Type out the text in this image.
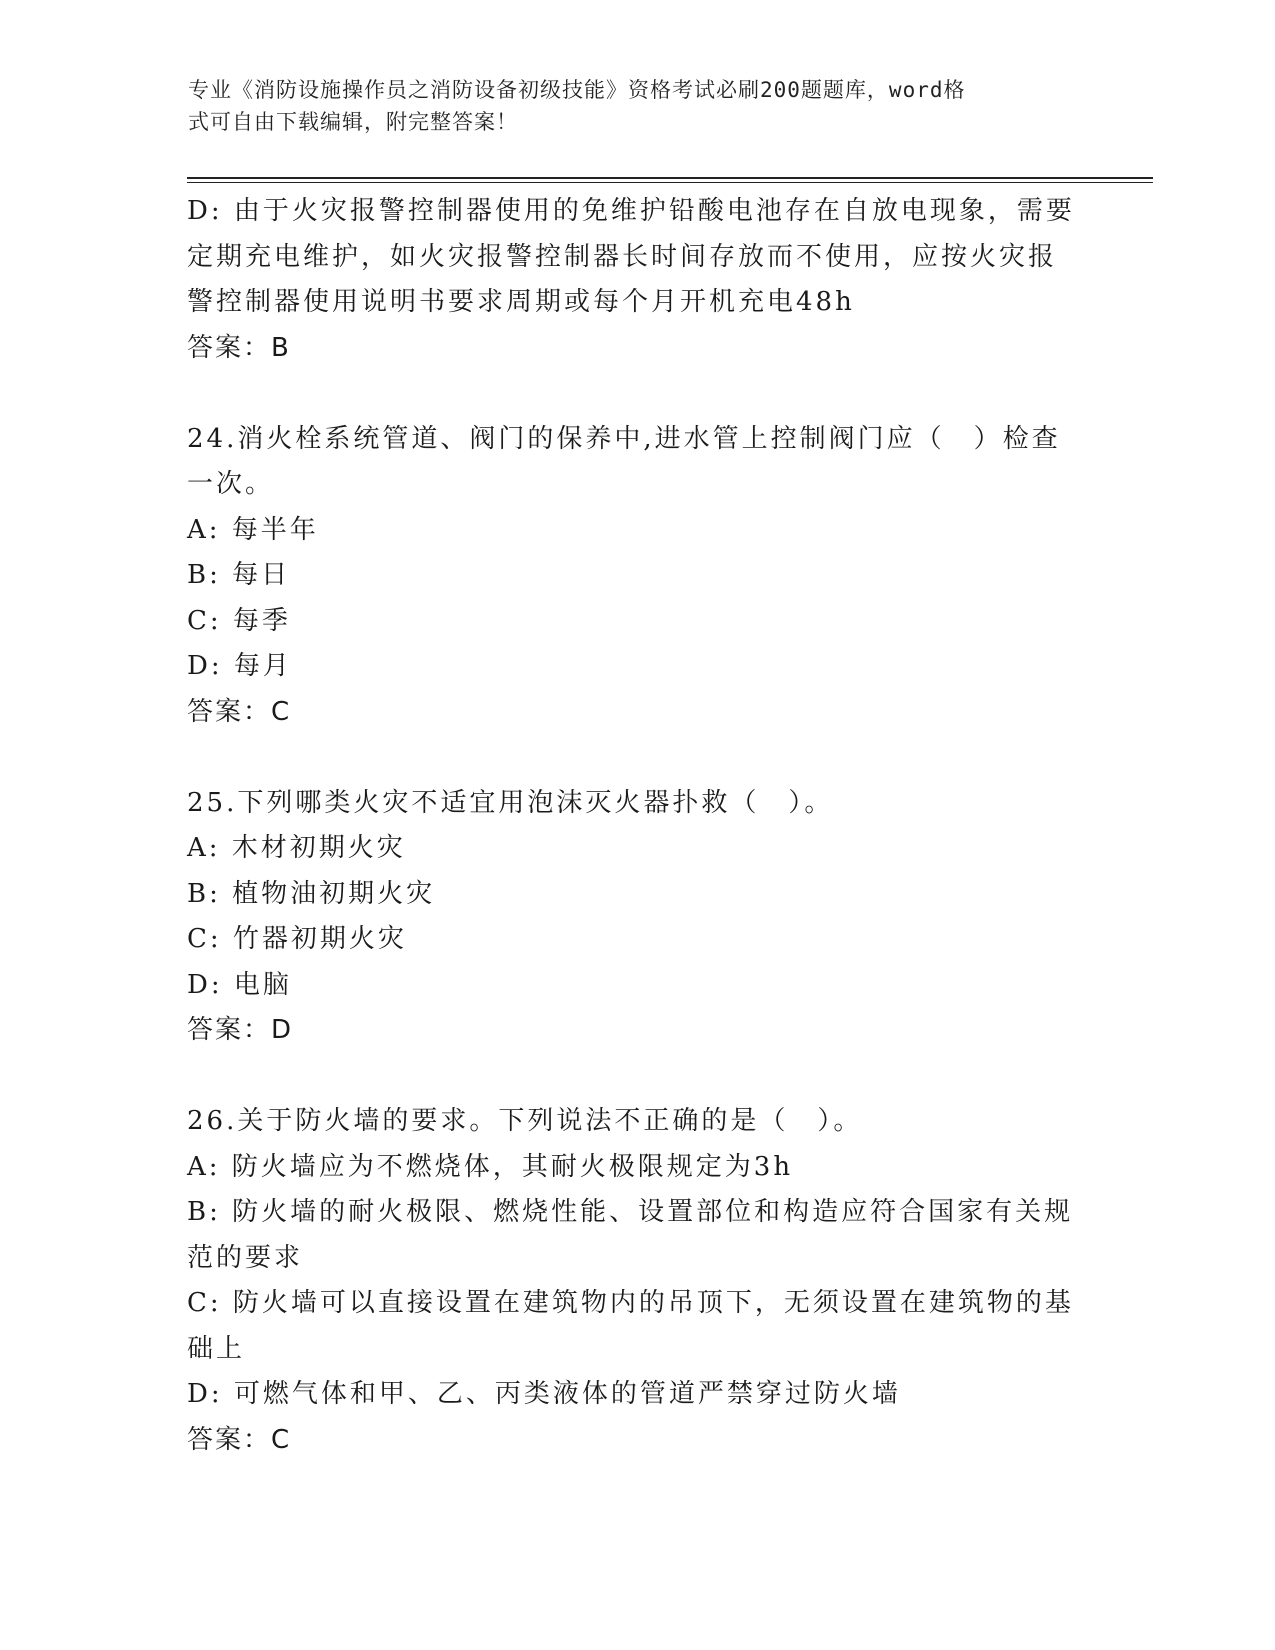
专业《消防设施操作员之消防设备初级技能》资格考试必刷200题题库，word格
式可自由下载编辑，附完整答案！
D: 由于火灾报警控制器使用的免维护铅酸电池存在自放电现象，需要
定期充电维护，如火灾报警控制器长时间存放而不使用，应按火灾报
警控制器使用说明书要求周期或每个月开机充电48h
答案：B
24.消火栓系统管道、阀门的保养中,进水管上控制阀门应（　）检查
一次。
A: 每半年
B: 每日
C: 每季
D: 每月
答案：C
25.下列哪类火灾不适宜用泡沫灭火器扑救（　）。
A: 木材初期火灾
B: 植物油初期火灾
C: 竹器初期火灾
D: 电脑
答案：D
26.关于防火墙的要求。下列说法不正确的是（　）。
A: 防火墙应为不燃烧体，其耐火极限规定为3h
B: 防火墙的耐火极限、燃烧性能、设置部位和构造应符合国家有关规
范的要求
C: 防火墙可以直接设置在建筑物内的吊顶下，无须设置在建筑物的基
础上
D: 可燃气体和甲、乙、丙类液体的管道严禁穿过防火墙
答案：C
